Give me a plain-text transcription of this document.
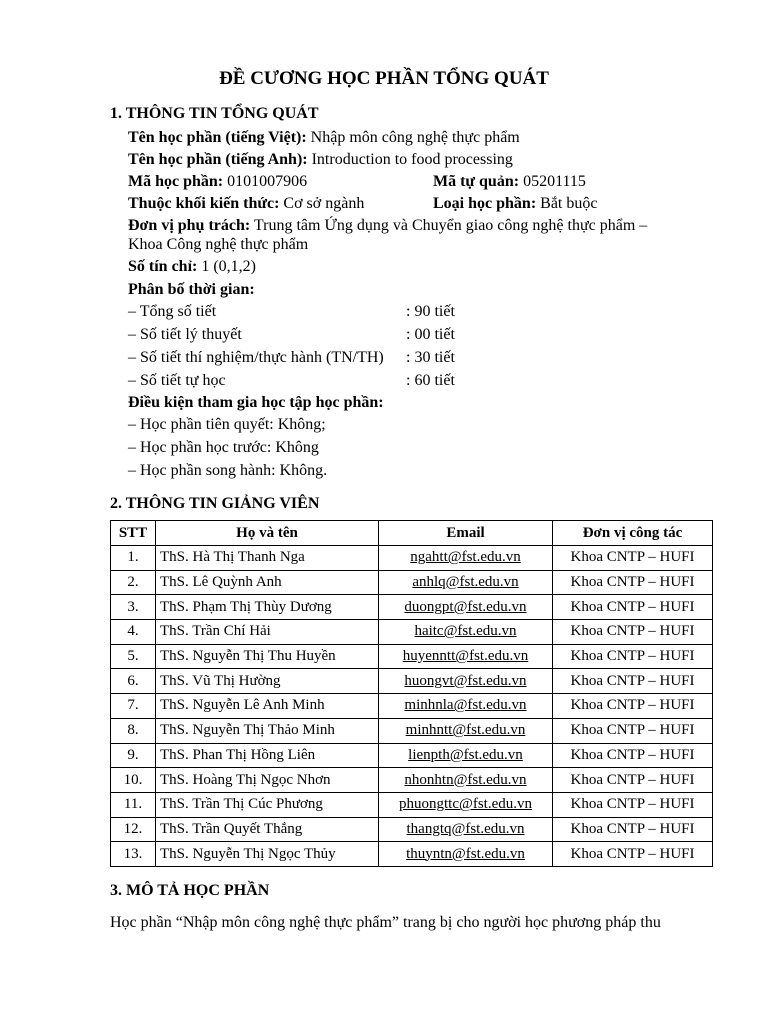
ĐỀ CƯƠNG HỌC PHẦN TỔNG QUÁT
1. THÔNG TIN TỔNG QUÁT
Tên học phần (tiếng Việt): Nhập môn công nghệ thực phẩm
Tên học phần (tiếng Anh): Introduction to food processing
Mã học phần: 0101007906	Mã tự quản: 05201115
Thuộc khối kiến thức: Cơ sở ngành	Loại học phần: Bắt buộc
Đơn vị phụ trách: Trung tâm Ứng dụng và Chuyển giao công nghệ thực phẩm –
Khoa Công nghệ thực phẩm
Số tín chỉ: 1 (0,1,2)
Phân bố thời gian:
– Tổng số tiết	: 90 tiết
– Số tiết lý thuyết	: 00 tiết
– Số tiết thí nghiệm/thực hành (TN/TH) : 30 tiết
– Số tiết tự học	: 60 tiết
Điều kiện tham gia học tập học phần:
– Học phần tiên quyết: Không;
– Học phần học trước: Không
– Học phần song hành: Không.
2. THÔNG TIN GIẢNG VIÊN
STT	Họ và tên	Email	Đơn vị công tác
1.	ThS. Hà Thị Thanh Nga	ngahtt@fst.edu.vn	Khoa CNTP – HUFI
2.	ThS. Lê Quỳnh Anh	anhlq@fst.edu.vn	Khoa CNTP – HUFI
3.	ThS. Phạm Thị Thùy Dương	duongpt@fst.edu.vn	Khoa CNTP – HUFI
4.	ThS. Trần Chí Hải	haitc@fst.edu.vn	Khoa CNTP – HUFI
5.	ThS. Nguyễn Thị Thu Huyền	huyenntt@fst.edu.vn	Khoa CNTP – HUFI
6.	ThS. Vũ Thị Hường	huongvt@fst.edu.vn	Khoa CNTP – HUFI
7.	ThS. Nguyễn Lê Anh Minh	minhnla@fst.edu.vn	Khoa CNTP – HUFI
8.	ThS. Nguyễn Thị Thảo Minh	minhntt@fst.edu.vn	Khoa CNTP – HUFI
9.	ThS. Phan Thị Hồng Liên	lienpth@fst.edu.vn	Khoa CNTP – HUFI
10.	ThS. Hoàng Thị Ngọc Nhơn	nhonhtn@fst.edu.vn	Khoa CNTP – HUFI
11.	ThS. Trần Thị Cúc Phương	phuongttc@fst.edu.vn	Khoa CNTP – HUFI
12.	ThS. Trần Quyết Thắng	thangtq@fst.edu.vn	Khoa CNTP – HUFI
13.	ThS. Nguyễn Thị Ngọc Thủy	thuyntn@fst.edu.vn	Khoa CNTP – HUFI
3. MÔ TẢ HỌC PHẦN
Học phần “Nhập môn công nghệ thực phẩm” trang bị cho người học phương pháp thu
